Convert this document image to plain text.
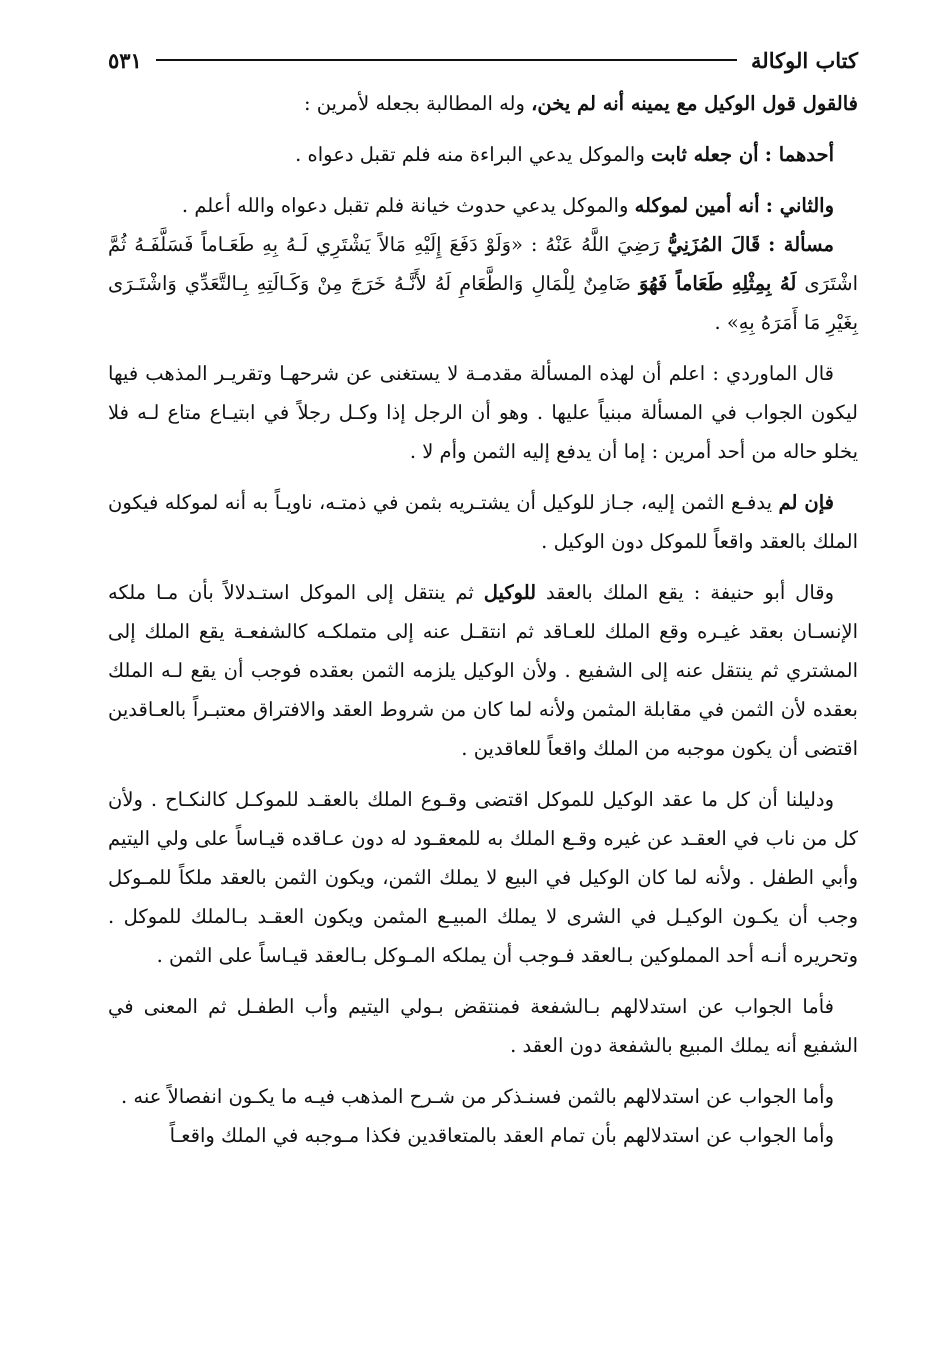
كتاب الوكالة
٥٣١

فالقول قول الوكيل مع يمينه أنه لم يخن، وله المطالبة بجعله لأمرين :

أحدهما : أن جعله ثابت والموكل يدعي البراءة منه فلم تقبل دعواه .

والثاني : أنه أمين لموكله والموكل يدعي حدوث خيانة فلم تقبل دعواه والله أعلم .

مسألة : قَالَ المُزَنِيُّ رَضِيَ اللَّهُ عَنْهُ : «وَلَوْ دَفَعَ إِلَيْهِ مَالاً يَشْتَرِي لَـهُ بِهِ طَعَـاماً فَسَلَّفَـهُ ثُمَّ اشْتَرَى لَهُ بِمِثْلِهِ طَعَاماً فَهُوَ ضَامِنٌ لِلْمَالِ وَالطَّعَامِ لَهُ لأَنَّـهُ خَرَجَ مِنْ وَكَـالَتِهِ بِـالتَّعَدِّي وَاشْتَـرَى بِغَيْرِ مَا أَمَرَهُ بِهِ» .

قال الماوردي : اعلم أن لهذه المسألة مقدمـة لا يستغنى عن شرحهـا وتقريـر المذهب فيها ليكون الجواب في المسألة مبنياً عليها . وهو أن الرجل إذا وكـل رجلاً في ابتيـاع متاع لـه فلا يخلو حاله من أحد أمرين : إما أن يدفع إليه الثمن وأم لا .

فإن لم يدفـع الثمن إليه، جـاز للوكيل أن يشتـريه بثمن في ذمتـه، ناويـاً به أنه لموكله فيكون الملك بالعقد واقعاً للموكل دون الوكيل .

وقال أبو حنيفة : يقع الملك بالعقد للوكيل ثم ينتقل إلى الموكل استـدلالاً بأن مـا ملكه الإنسـان بعقد غيـره وقع الملك للعـاقد ثم انتقـل عنه إلى متملكـه كالشفعـة يقع الملك إلى المشتري ثم ينتقل عنه إلى الشفيع . ولأن الوكيل يلزمه الثمن بعقده فوجب أن يقع لـه الملك بعقده لأن الثمن في مقابلة المثمن ولأنه لما كان من شروط العقد والافتراق معتبـراً بالعـاقدين اقتضى أن يكون موجبه من الملك واقعاً للعاقدين .

ودليلنا أن كل ما عقد الوكيل للموكل اقتضى وقـوع الملك بالعقـد للموكـل كالنكـاح . ولأن كل من ناب في العقـد عن غيره وقـع الملك به للمعقـود له دون عـاقده قيـاساً على ولي اليتيم وأبي الطفل . ولأنه لما كان الوكيل في البيع لا يملك الثمن، ويكون الثمن بالعقد ملكاً للمـوكل وجب أن يكـون الوكيـل في الشرى لا يملك المبيـع المثمن ويكون العقـد بـالملك للموكل . وتحريره أنـه أحد المملوكين بـالعقد فـوجب أن يملكه المـوكل بـالعقد قيـاساً على الثمن .

فأما الجواب عن استدلالهم بـالشفعة فمنتقض بـولي اليتيم وأب الطفـل ثم المعنى في الشفيع أنه يملك المبيع بالشفعة دون العقد .

وأما الجواب عن استدلالهم بالثمن فسنـذكر من شـرح المذهب فيـه ما يكـون انفصالاً عنه .

وأما الجواب عن استدلالهم بأن تمام العقد بالمتعاقدين فكذا مـوجبه في الملك واقعـاً
